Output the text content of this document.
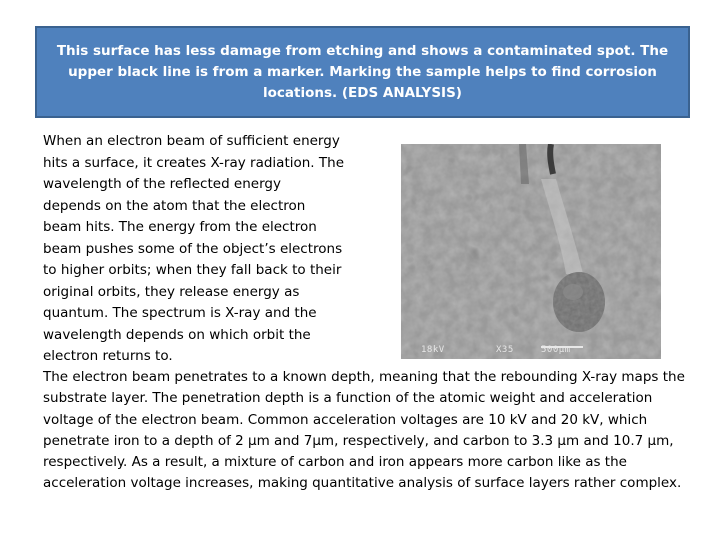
This surface has less damage from etching and shows a contaminated spot. The upper black line is from a marker. Marking the sample helps to find corrosion locations. (EDS ANALYSIS)
When an electron beam of sufficient energy
hits a surface, it creates X-ray radiation. The
wavelength of the reflected energy
depends on the atom that the electron
beam hits. The energy from the electron
beam pushes some of the object’s electrons
to higher orbits; when they fall back to their
original orbits, they release energy as
quantum. The spectrum is X-ray and the
wavelength depends on which orbit the
electron returns to.	18kV	X35	500µm
The electron beam penetrates to a known depth, meaning that the rebounding X-ray maps the substrate layer. The penetration depth is a function of the atomic weight and acceleration voltage of the electron beam. Common acceleration voltages are 10 kV and 20 kV, which penetrate iron to a depth of 2 µm and 7µm, respectively, and carbon to 3.3 µm and 10.7 µm, respectively. As a result, a mixture of carbon and iron appears more carbon like as the acceleration voltage increases, making quantitative analysis of surface layers rather complex.
